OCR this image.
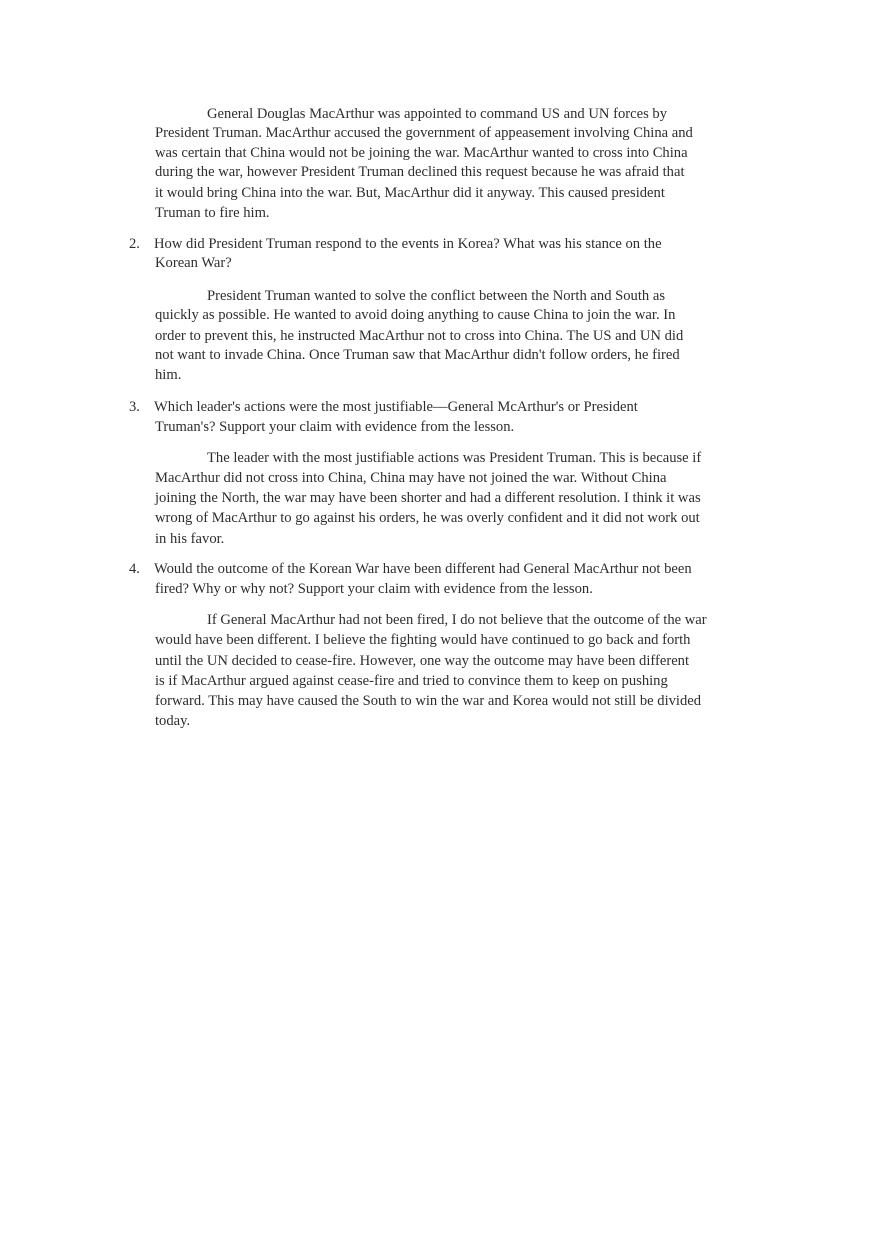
General Douglas MacArthur was appointed to command US and UN forces by
President Truman. MacArthur accused the government of appeasement involving China and
was certain that China would not be joining the war. MacArthur wanted to cross into China
during the war, however President Truman declined this request because he was afraid that
it would bring China into the war. But, MacArthur did it anyway. This caused president
Truman to fire him.
2. How did President Truman respond to the events in Korea? What was his stance on the
Korean War?
President Truman wanted to solve the conflict between the North and South as
quickly as possible. He wanted to avoid doing anything to cause China to join the war. In
order to prevent this, he instructed MacArthur not to cross into China. The US and UN did
not want to invade China. Once Truman saw that MacArthur didn't follow orders, he fired
him.
3. Which leader's actions were the most justifiable—General McArthur's or President
Truman's? Support your claim with evidence from the lesson.
The leader with the most justifiable actions was President Truman. This is because if
MacArthur did not cross into China, China may have not joined the war. Without China
joining the North, the war may have been shorter and had a different resolution. I think it was
wrong of MacArthur to go against his orders, he was overly confident and it did not work out
in his favor.
4. Would the outcome of the Korean War have been different had General MacArthur not been
fired? Why or why not? Support your claim with evidence from the lesson.
If General MacArthur had not been fired, I do not believe that the outcome of the war
would have been different. I believe the fighting would have continued to go back and forth
until the UN decided to cease-fire. However, one way the outcome may have been different
is if MacArthur argued against cease-fire and tried to convince them to keep on pushing
forward. This may have caused the South to win the war and Korea would not still be divided
today.
